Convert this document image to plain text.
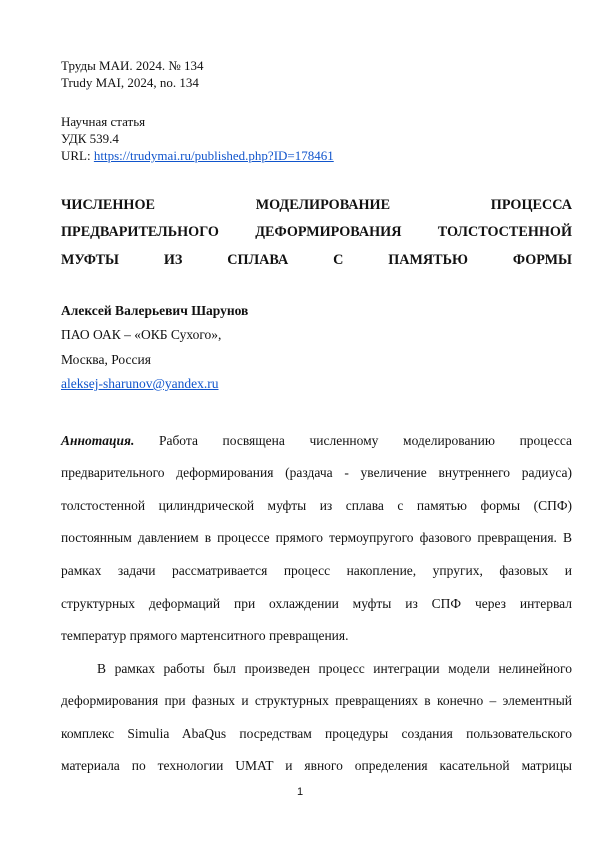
Труды МАИ. 2024. № 134
Trudy MAI, 2024, no. 134
Научная статья
УДК 539.4
URL: https://trudymai.ru/published.php?ID=178461
ЧИСЛЕННОЕ МОДЕЛИРОВАНИЕ ПРОЦЕССА
ПРЕДВАРИТЕЛЬНОГО ДЕФОРМИРОВАНИЯ ТОЛСТОСТЕННОЙ
МУФТЫ ИЗ СПЛАВА С ПАМЯТЬЮ ФОРМЫ
Алексей Валерьевич Шарунов
ПАО ОАК – «ОКБ Сухого»,
Москва, Россия
aleksej-sharunov@yandex.ru
Аннотация. Работа посвящена численному моделированию процесса
предварительного деформирования (раздача - увеличение внутреннего радиуса)
толстостенной цилиндрической муфты из сплава с памятью формы (СПФ)
постоянным давлением в процессе прямого термоупругого фазового превращения. В
рамках задачи рассматривается процесс накопление, упругих, фазовых и
структурных деформаций при охлаждении муфты из СПФ через интервал
температур прямого мартенситного превращения.
В рамках работы был произведен процесс интеграции модели нелинейного
деформирования при фазных и структурных превращениях в конечно – элементный
комплекс Simulia AbaQus посредствам процедуры создания пользовательского
материала по технологии UMAT и явного определения касательной матрицы
1
